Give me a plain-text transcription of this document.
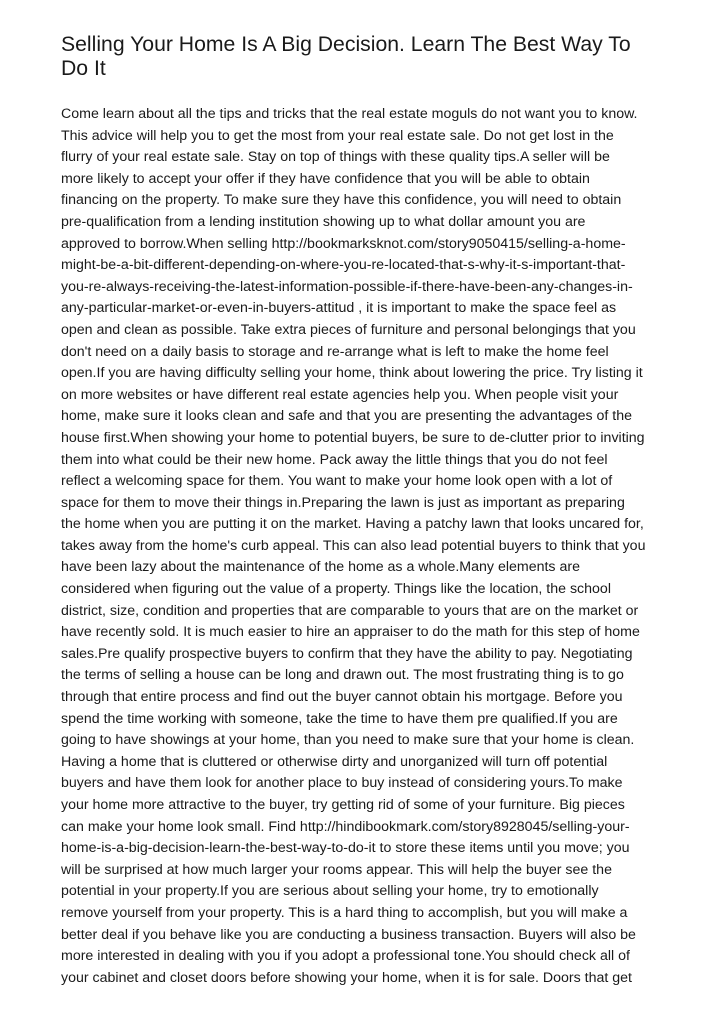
Selling Your Home Is A Big Decision. Learn The Best Way To
Do It
Come learn about all the tips and tricks that the real estate moguls do not want you to know.
This advice will help you to get the most from your real estate sale. Do not get lost in the
flurry of your real estate sale. Stay on top of things with these quality tips.A seller will be
more likely to accept your offer if they have confidence that you will be able to obtain
financing on the property. To make sure they have this confidence, you will need to obtain
pre-qualification from a lending institution showing up to what dollar amount you are
approved to borrow.When selling http://bookmarksknot.com/story9050415/selling-a-home-
might-be-a-bit-different-depending-on-where-you-re-located-that-s-why-it-s-important-that-
you-re-always-receiving-the-latest-information-possible-if-there-have-been-any-changes-in-
any-particular-market-or-even-in-buyers-attitud , it is important to make the space feel as
open and clean as possible. Take extra pieces of furniture and personal belongings that you
don't need on a daily basis to storage and re-arrange what is left to make the home feel
open.If you are having difficulty selling your home, think about lowering the price. Try listing it
on more websites or have different real estate agencies help you. When people visit your
home, make sure it looks clean and safe and that you are presenting the advantages of the
house first.When showing your home to potential buyers, be sure to de-clutter prior to inviting
them into what could be their new home. Pack away the little things that you do not feel
reflect a welcoming space for them. You want to make your home look open with a lot of
space for them to move their things in.Preparing the lawn is just as important as preparing
the home when you are putting it on the market. Having a patchy lawn that looks uncared for,
takes away from the home's curb appeal. This can also lead potential buyers to think that you
have been lazy about the maintenance of the home as a whole.Many elements are
considered when figuring out the value of a property. Things like the location, the school
district, size, condition and properties that are comparable to yours that are on the market or
have recently sold. It is much easier to hire an appraiser to do the math for this step of home
sales.Pre qualify prospective buyers to confirm that they have the ability to pay. Negotiating
the terms of selling a house can be long and drawn out. The most frustrating thing is to go
through that entire process and find out the buyer cannot obtain his mortgage. Before you
spend the time working with someone, take the time to have them pre qualified.If you are
going to have showings at your home, than you need to make sure that your home is clean.
Having a home that is cluttered or otherwise dirty and unorganized will turn off potential
buyers and have them look for another place to buy instead of considering yours.To make
your home more attractive to the buyer, try getting rid of some of your furniture. Big pieces
can make your home look small. Find http://hindibookmark.com/story8928045/selling-your-
home-is-a-big-decision-learn-the-best-way-to-do-it to store these items until you move; you
will be surprised at how much larger your rooms appear. This will help the buyer see the
potential in your property.If you are serious about selling your home, try to emotionally
remove yourself from your property. This is a hard thing to accomplish, but you will make a
better deal if you behave like you are conducting a business transaction. Buyers will also be
more interested in dealing with you if you adopt a professional tone.You should check all of
your cabinet and closet doors before showing your home, when it is for sale. Doors that get
